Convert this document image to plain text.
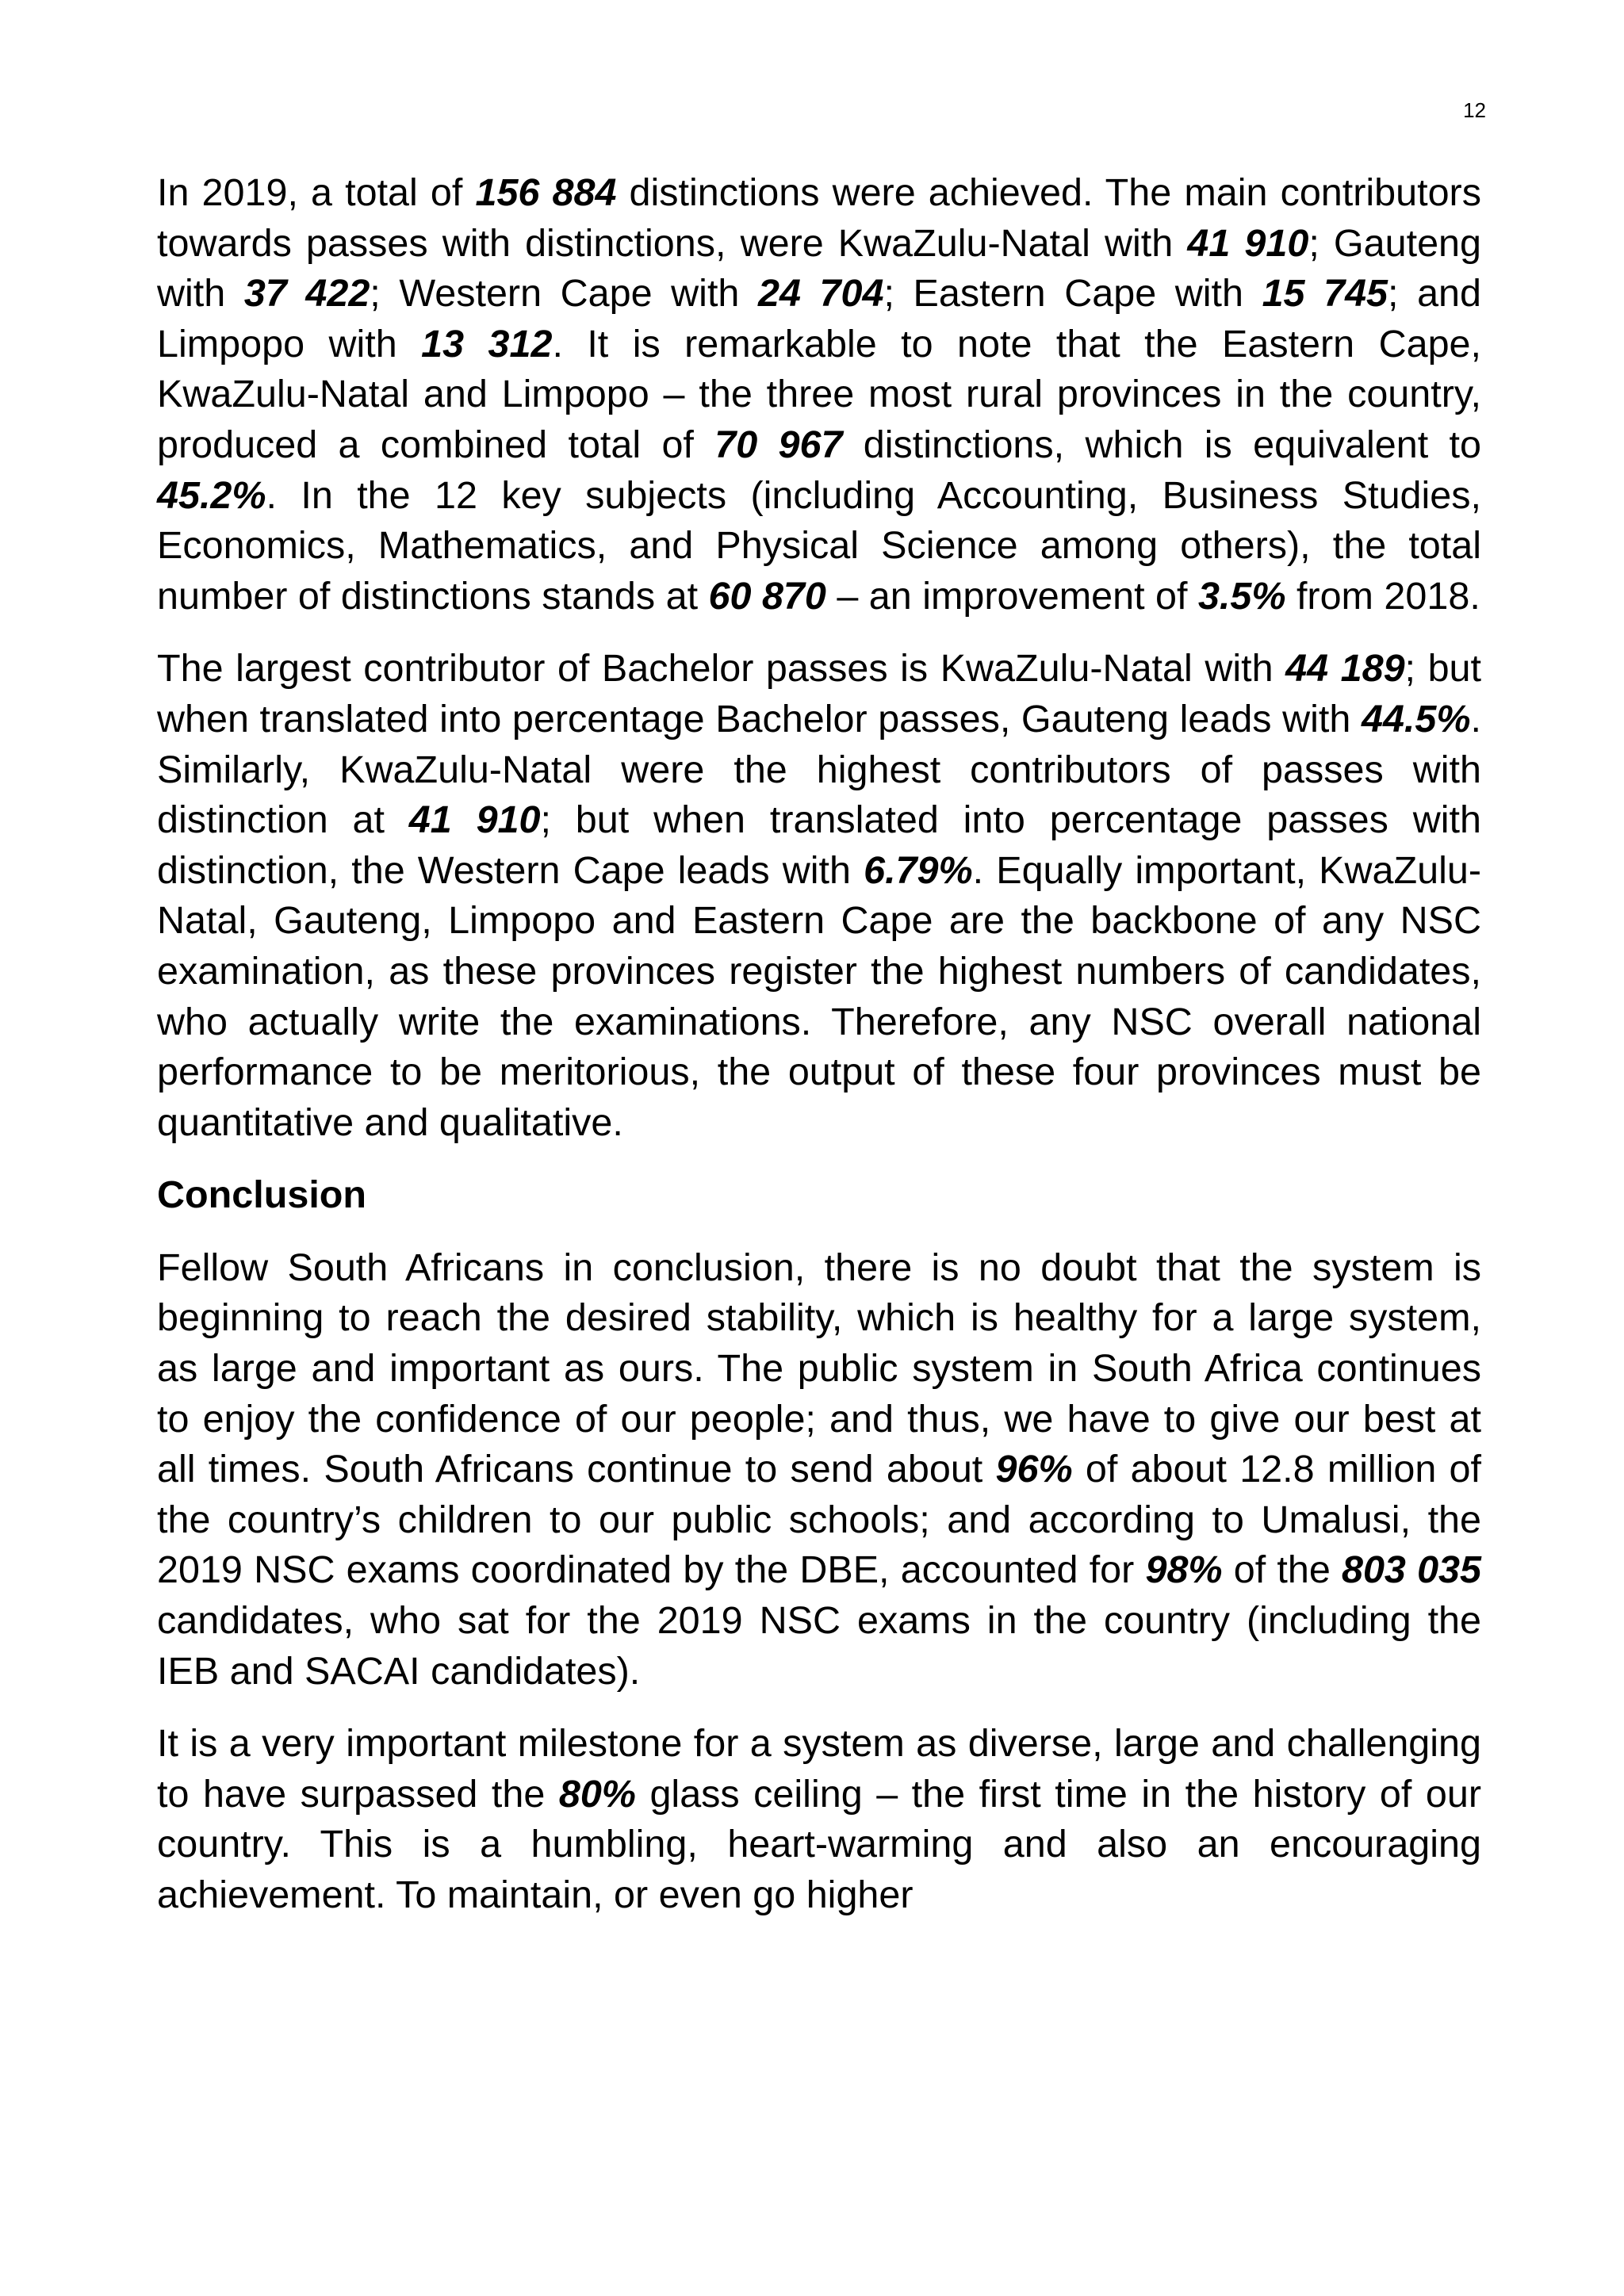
12

In 2019, a total of 156 884 distinctions were achieved. The main contributors towards passes with distinctions, were KwaZulu-Natal with 41 910; Gauteng with 37 422; Western Cape with 24 704; Eastern Cape with 15 745; and Limpopo with 13 312. It is remarkable to note that the Eastern Cape, KwaZulu-Natal and Limpopo – the three most rural provinces in the country, produced a combined total of 70 967 distinctions, which is equivalent to 45.2%. In the 12 key subjects (including Accounting, Business Studies, Economics, Mathematics, and Physical Science among others), the total number of distinctions stands at 60 870 – an improvement of 3.5% from 2018.

The largest contributor of Bachelor passes is KwaZulu-Natal with 44 189; but when translated into percentage Bachelor passes, Gauteng leads with 44.5%. Similarly, KwaZulu-Natal were the highest contributors of passes with distinction at 41 910; but when translated into percentage passes with distinction, the Western Cape leads with 6.79%. Equally important, KwaZulu-Natal, Gauteng, Limpopo and Eastern Cape are the backbone of any NSC examination, as these provinces register the highest numbers of candidates, who actually write the examinations. Therefore, any NSC overall national performance to be meritorious, the output of these four provinces must be quantitative and qualitative.

Conclusion

Fellow South Africans in conclusion, there is no doubt that the system is beginning to reach the desired stability, which is healthy for a large system, as large and important as ours. The public system in South Africa continues to enjoy the confidence of our people; and thus, we have to give our best at all times. South Africans continue to send about 96% of about 12.8 million of the country’s children to our public schools; and according to Umalusi, the 2019 NSC exams coordinated by the DBE, accounted for 98% of the 803 035 candidates, who sat for the 2019 NSC exams in the country (including the IEB and SACAI candidates).

It is a very important milestone for a system as diverse, large and challenging to have surpassed the 80% glass ceiling – the first time in the history of our country. This is a humbling, heart-warming and also an encouraging achievement. To maintain, or even go higher
